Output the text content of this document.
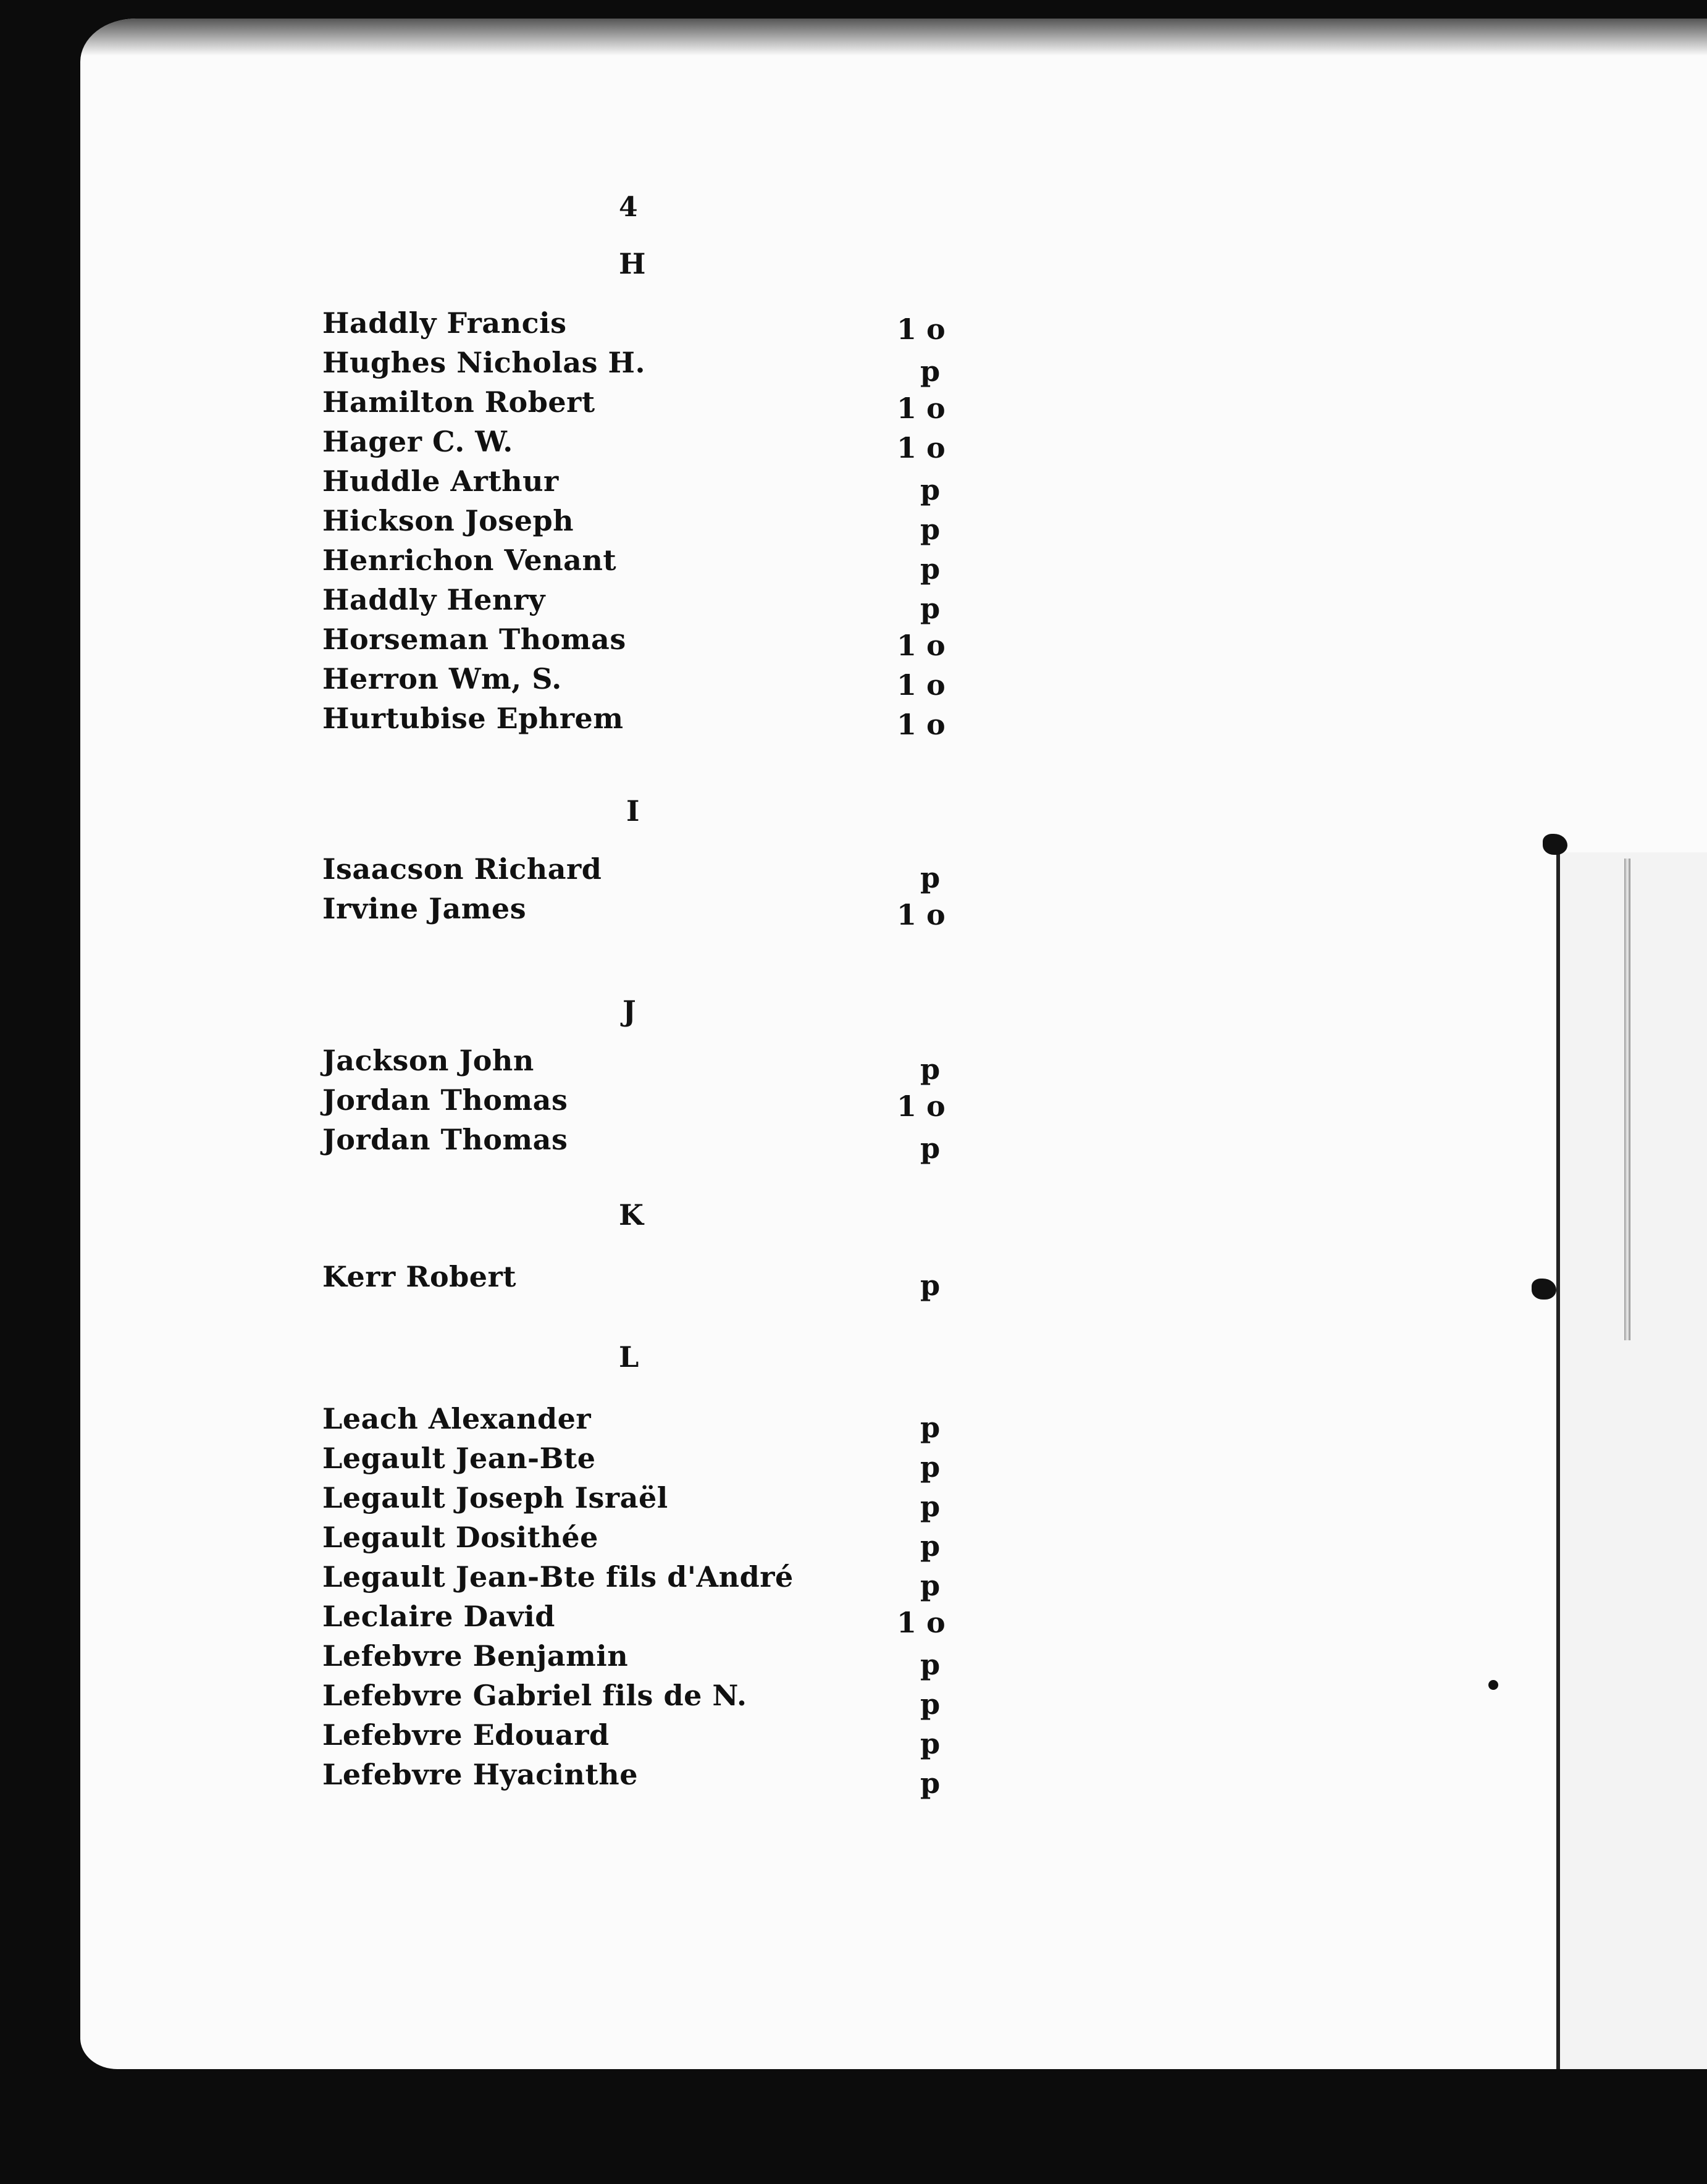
4
H
Haddly Francis	1 o
Hughes Nicholas H.	p
Hamilton Robert	1 o
Hager C. W.	1 o
Huddle Arthur	p
Hickson Joseph	p
Henrichon Venant	p
Haddly Henry	p
Horseman Thomas	1 o
Herron Wm, S.	1 o
Hurtubise Ephrem	1 o
I
Isaacson Richard	p
Irvine James	1 o
J
Jackson John	p
Jordan Thomas	1 o
Jordan Thomas	p
K
Kerr Robert	p
L
Leach Alexander	p
Legault Jean-Bte	p
Legault Joseph Israël	p
Legault Dosithée	p
Legault Jean-Bte fils d'André	p
Leclaire David	1 o
Lefebvre Benjamin	p
Lefebvre Gabriel fils de N.	p
Lefebvre Edouard	p
Lefebvre Hyacinthe	p
